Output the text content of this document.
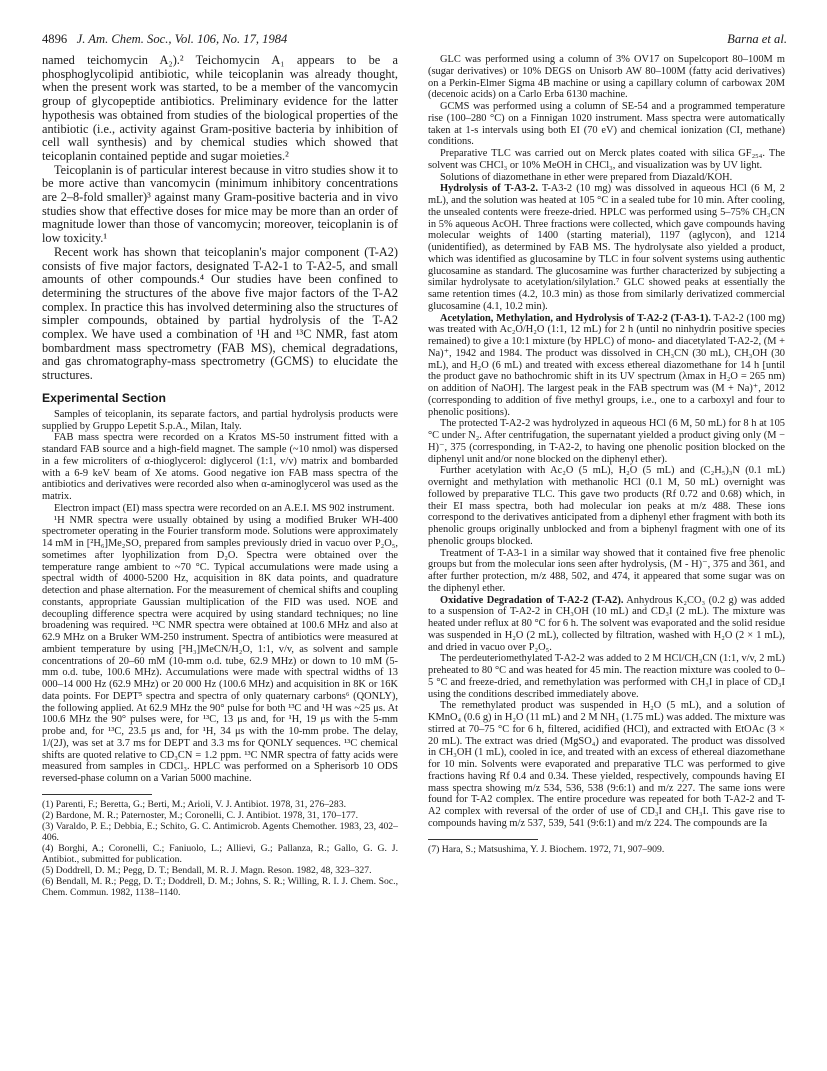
4896 J. Am. Chem. Soc., Vol. 106, No. 17, 1984	Barna et al.

named teichomycin A₂).² Teichomycin A₁ appears to be a phosphoglycolipid antibiotic, while teicoplanin was already thought, when the present work was started, to be a member of the vancomycin group of glycopeptide antibiotics. Preliminary evidence for the latter hypothesis was obtained from studies of the biological properties of the antibiotic (i.e., activity against Gram-positive bacteria by inhibition of cell wall synthesis) and by chemical studies which showed that teicoplanin contained peptide and sugar moieties.²

Teicoplanin is of particular interest because in vitro studies show it to be more active than vancomycin (minimum inhibitory concentrations are 2–8-fold smaller)³ against many Gram-positive bacteria and in vivo studies show that effective doses for mice may be more than an order of magnitude lower than those of vancomycin; moreover, teicoplanin is of low toxicity.¹

Recent work has shown that teicoplanin's major component (T-A2) consists of five major factors, designated T-A2-1 to T-A2-5, and small amounts of other compounds.⁴ Our studies have been confined to determining the structures of the above five major factors of the T-A2 complex. In practice this has involved determining also the structures of simpler compounds, obtained by partial hydrolysis of the T-A2 complex. We have used a combination of ¹H and ¹³C NMR, fast atom bombardment mass spectrometry (FAB MS), chemical degradations, and gas chromatography-mass spectrometry (GCMS) to elucidate the structures.

Experimental Section

Samples of teicoplanin, its separate factors, and partial hydrolysis products were supplied by Gruppo Lepetit S.p.A., Milan, Italy.

FAB mass spectra were recorded on a Kratos MS-50 instrument fitted with a standard FAB source and a high-field magnet. The sample (~10 nmol) was dispersed in a few microliters of α-thioglycerol: diglycerol (1:1, v/v) matrix and bombarded with a 6-9 keV beam of Xe atoms. Good negative ion FAB mass spectra of the antibiotics and derivatives were recorded also when α-aminoglycerol was used as the matrix.

Electron impact (EI) mass spectra were recorded on an A.E.I. MS 902 instrument.

¹H NMR spectra were usually obtained by using a modified Bruker WH-400 spectrometer operating in the Fourier transform mode. Solutions were approximately 14 mM in [²H₆]Me₂SO, prepared from samples previously dried in vacuo over P₂O₅, sometimes after lyophilization from D₂O. Spectra were obtained over the temperature range ambient to ~70 °C. Typical accumulations were made using a spectral width of 4000-5200 Hz, acquisition in 8K data points, and quadrature detection and phase alternation. For the measurement of chemical shifts and coupling constants, appropriate Gaussian multiplication of the FID was used. NOE and decoupling difference spectra were acquired by using standard techniques; no line broadening was required. ¹³C NMR spectra were obtained at 100.6 MHz and also at 62.9 MHz on a Bruker WM-250 instrument. Spectra of antibiotics were measured at ambient temperature by using [²H₃]MeCN/H₂O, 1:1, v/v, as solvent and sample concentrations of 20–60 mM (10-mm o.d. tube, 62.9 MHz) or down to 10 mM (5-mm o.d. tube, 100.6 MHz). Accumulations were made with spectral widths of 13 000–14 000 Hz (62.9 MHz) or 20 000 Hz (100.6 MHz) and acquisition in 8K or 16K data points. For DEPT⁵ spectra and spectra of only quaternary carbons⁶ (QONLY), the following applied. At 62.9 MHz the 90° pulse for both ¹³C and ¹H was ~25 μs. At 100.6 MHz the 90° pulses were, for ¹³C, 13 μs and, for ¹H, 19 μs with the 5-mm probe and, for ¹³C, 23.5 μs and, for ¹H, 34 μs with the 10-mm probe. The delay, 1/(2J), was set at 3.7 ms for DEPT and 3.3 ms for QONLY sequences. ¹³C chemical shifts are quoted relative to CD₃CN = 1.2 ppm. ¹³C NMR spectra of fatty acids were measured from samples in CDCl₃. HPLC was performed on a Spherisorb 10 ODS reversed-phase column on a Varian 5000 machine.

(1) Parenti, F.; Beretta, G.; Berti, M.; Arioli, V. J. Antibiot. 1978, 31, 276–283.

(2) Bardone, M. R.; Paternoster, M.; Coronelli, C. J. Antibiot. 1978, 31, 170–177.

(3) Varaldo, P. E.; Debbia, E.; Schito, G. C. Antimicrob. Agents Chemother. 1983, 23, 402–406.

(4) Borghi, A.; Coronelli, C.; Faniuolo, L.; Allievi, G.; Pallanza, R.; Gallo, G. G. J. Antibiot., submitted for publication.

(5) Doddrell, D. M.; Pegg, D. T.; Bendall, M. R. J. Magn. Reson. 1982, 48, 323–327.

(6) Bendall, M. R.; Pegg, D. T.; Doddrell, D. M.; Johns, S. R.; Willing, R. I. J. Chem. Soc., Chem. Commun. 1982, 1138–1140.

GLC was performed using a column of 3% OV17 on Supelcoport 80–100M m (sugar derivatives) or 10% DEGS on Unisorb AW 80–100M (fatty acid derivatives) on a Perkin-Elmer Sigma 4B machine or using a capillary column of carbowax 20M (decenoic acids) on a Carlo Erba 6130 machine.

GCMS was performed using a column of SE-54 and a programmed temperature rise (100–280 °C) on a Finnigan 1020 instrument. Mass spectra were automatically taken at 1-s intervals using both EI (70 eV) and chemical ionization (CI, methane) conditions.

Preparative TLC was carried out on Merck plates coated with silica GF₂₅₄. The solvent was CHCl₃ or 10% MeOH in CHCl₃, and visualization was by UV light.

Solutions of diazomethane in ether were prepared from Diazald/KOH.

Hydrolysis of T-A3-2. T-A3-2 (10 mg) was dissolved in aqueous HCl (6 M, 2 mL), and the solution was heated at 105 °C in a sealed tube for 10 min. After cooling, the unsealed contents were freeze-dried. HPLC was performed using 5–75% CH₃CN in 5% aqueous AcOH. Three fractions were collected, which gave compounds having molecular weights of 1400 (starting material), 1197 (aglycon), and 1214 (unidentified), as determined by FAB MS. The hydrolysate also yielded a product, which was identified as glucosamine by TLC in four solvent systems using authentic glucosamine as standard. The glucosamine was further characterized by subjecting a similar hydrolysate to acetylation/silylation.⁷ GLC showed peaks at essentially the same retention times (4.2, 10.3 min) as those from similarly derivatized commercial glucosamine (4.1, 10.2 min).

Acetylation, Methylation, and Hydrolysis of T-A2-2 (T-A3-1). T-A2-2 (100 mg) was treated with Ac₂O/H₂O (1:1, 12 mL) for 2 h (until no ninhydrin positive species remained) to give a 10:1 mixture (by HPLC) of mono- and diacetylated T-A2-2, (M + Na)⁺, 1942 and 1984. The product was dissolved in CH₃CN (30 mL), CH₃OH (30 mL), and H₂O (6 mL) and treated with excess ethereal diazomethane for 14 h [until the product gave no bathochromic shift in its UV spectrum (λmax in H₂O = 265 nm) on addition of NaOH]. The largest peak in the FAB spectrum was (M + Na)⁺, 2012 (corresponding to addition of five methyl groups, i.e., one to a carboxyl and four to phenolic positions).

The protected T-A2-2 was hydrolyzed in aqueous HCl (6 M, 50 mL) for 8 h at 105 °C under N₂. After centrifugation, the supernatant yielded a product giving only (M − H)⁻, 375 (corresponding, in T-A2-2, to having one phenolic position blocked on the diphenyl unit and/or none blocked on the diphenyl ether).

Further acetylation with Ac₂O (5 mL), H₂O (5 mL) and (C₂H₅)₃N (0.1 mL) overnight and methylation with methanolic HCl (0.1 M, 50 mL) overnight was followed by preparative TLC. This gave two products (Rf 0.72 and 0.68) which, in their EI mass spectra, both had molecular ion peaks at m/z 488. These ions correspond to the derivatives anticipated from a diphenyl ether fragment with both its phenolic groups originally unblocked and from a biphenyl fragment with one of its phenolic groups blocked.

Treatment of T-A3-1 in a similar way showed that it contained five free phenolic groups but from the molecular ions seen after hydrolysis, (M - H)⁻, 375 and 361, and after further protection, m/z 488, 502, and 474, it appeared that some sugar was on the diphenyl ether.

Oxidative Degradation of T-A2-2 (T-A2). Anhydrous K₂CO₃ (0.2 g) was added to a suspension of T-A2-2 in CH₃OH (10 mL) and CD₃I (2 mL). The mixture was heated under reflux at 80 °C for 6 h. The solvent was evaporated and the solid residue was suspended in H₂O (2 mL), collected by filtration, washed with H₂O (2 × 1 mL), and dried in vacuo over P₂O₅.

The perdeuteriomethylated T-A2-2 was added to 2 M HCl/CH₃CN (1:1, v/v, 2 mL) preheated to 80 °C and was heated for 45 min. The reaction mixture was cooled to 0–5 °C and freeze-dried, and remethylation was performed with CH₃I in place of CD₃I using the conditions described immediately above.

The remethylated product was suspended in H₂O (5 mL), and a solution of KMnO₄ (0.6 g) in H₂O (11 mL) and 2 M NH₃ (1.75 mL) was added. The mixture was stirred at 70–75 °C for 6 h, filtered, acidified (HCl), and extracted with EtOAc (3 × 20 mL). The extract was dried (MgSO₄) and evaporated. The product was dissolved in CH₃OH (1 mL), cooled in ice, and treated with an excess of ethereal diazomethane for 10 min. Solvents were evaporated and preparative TLC was performed to give fractions having Rf 0.4 and 0.34. These yielded, respectively, compounds having EI mass spectra showing m/z 534, 536, 538 (9:6:1) and m/z 227. The same ions were found for T-A2 complex. The entire procedure was repeated for both T-A2-2 and T-A2 complex with reversal of the order of use of CD₃I and CH₃I. This gave rise to compounds having m/z 537, 539, 541 (9:6:1) and m/z 224. The compounds are Ia

(7) Hara, S.; Matsushima, Y. J. Biochem. 1972, 71, 907–909.
